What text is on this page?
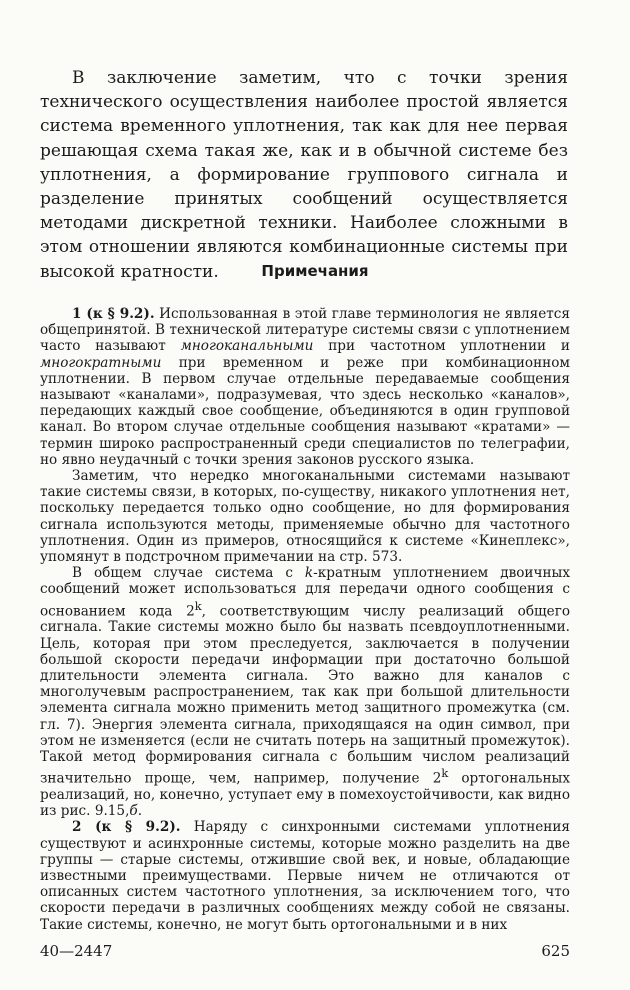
В заключение заметим, что с точки зрения технического осуществления наиболее простой является система временного уплотнения, так как для нее первая решающая схема такая же, как и в обычной системе без уплотнения, а формирование группового сигнала и разделение принятых сообщений осуществляется методами дискретной техники. Наиболее сложными в этом отношении являются комбинационные системы при высокой кратности.	Примечания

1 (к § 9.2). Использованная в этой главе терминология не является общепринятой. В технической литературе системы связи с уплотнением часто называют многоканальными при частотном уплотнении и многократными при временном и реже при комбинационном уплотнении. В первом случае отдельные передаваемые сообщения называют «каналами», подразумевая, что здесь несколько «каналов», передающих каждый свое сообщение, объединяются в один групповой канал. Во втором случае отдельные сообщения называют «кратами» — термин широко распространенный среди специалистов по телеграфии, но явно неудачный с точки зрения законов русского языка.

Заметим, что нередко многоканальными системами называют такие системы связи, в которых, по-существу, никакого уплотнения нет, поскольку передается только одно сообщение, но для формирования сигнала используются методы, применяемые обычно для частотного уплотнения. Один из примеров, относящийся к системе «Кинеплекс», упомянут в подстрочном примечании на стр. 573.

В общем случае система с k-кратным уплотнением двоичных сообщений может использоваться для передачи одного сообщения с основанием кода 2$^k$, соответствующим числу реализаций общего сигнала. Такие системы можно было бы назвать псевдоуплотненными. Цель, которая при этом преследуется, заключается в получении большой скорости передачи информации при достаточно большой длительности элемента сигнала. Это важно для каналов с многолучевым распространением, так как при большой длительности элемента сигнала можно применить метод защитного промежутка (см. гл. 7). Энергия элемента сигнала, приходящаяся на один символ, при этом не изменяется (если не считать потерь на защитный промежуток). Такой метод формирования сигнала с большим числом реализаций значительно проще, чем, например, получение 2$^k$ ортогональных реализаций, но, конечно, уступает ему в помехоустойчивости, как видно из рис. 9.15,б.

2 (к § 9.2). Наряду с синхронными системами уплотнения существуют и асинхронные системы, которые можно разделить на две группы — старые системы, отжившие свой век, и новые, обладающие известными преимуществами. Первые ничем не отличаются от описанных систем частотного уплотнения, за исключением того, что скорости передачи в различных сообщениях между собой не связаны. Такие системы, конечно, не могут быть ортогональными и в них

40—2447	625
